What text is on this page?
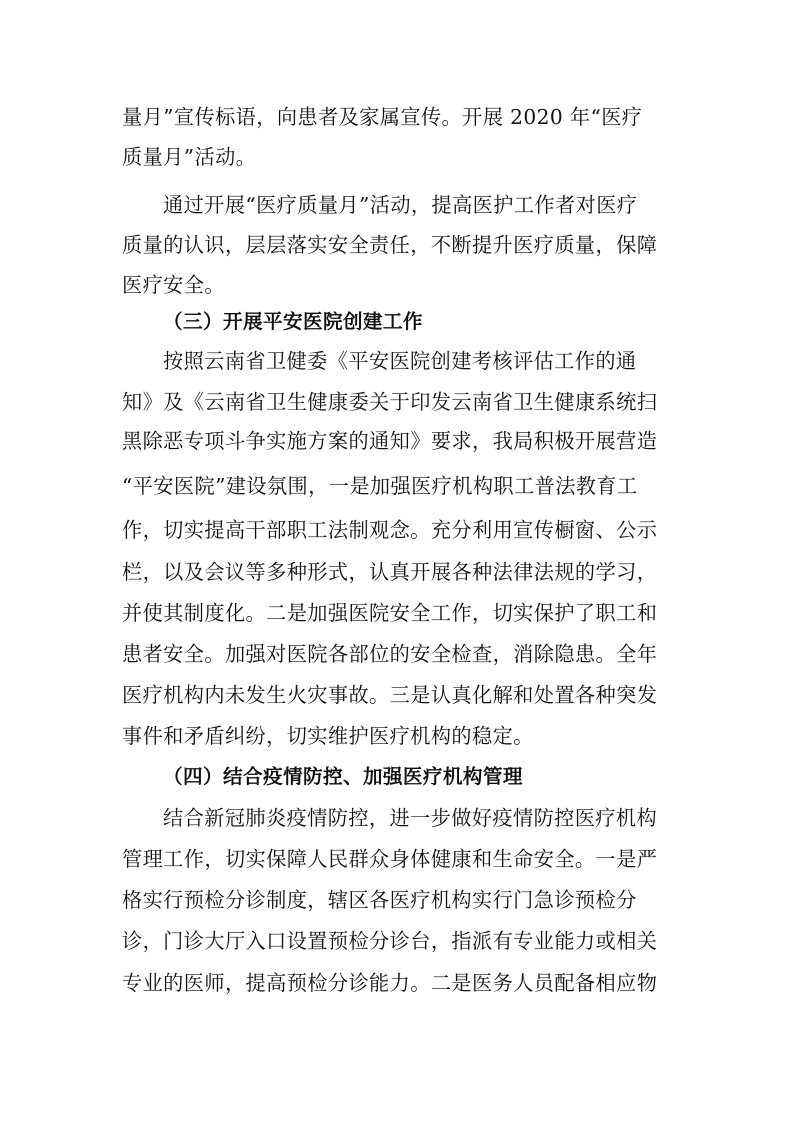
量月”宣传标语，向患者及家属宣传。开展 2020 年“医疗
质量月”活动。
通过开展“医疗质量月”活动，提高医护工作者对医疗
质量的认识，层层落实安全责任，不断提升医疗质量，保障
医疗安全。
（三）开展平安医院创建工作
按照云南省卫健委《平安医院创建考核评估工作的通
知》及《云南省卫生健康委关于印发云南省卫生健康系统扫
黑除恶专项斗争实施方案的通知》要求，我局积极开展营造
“平安医院”建设氛围，一是加强医疗机构职工普法教育工
作，切实提高干部职工法制观念。充分利用宣传橱窗、公示
栏，以及会议等多种形式，认真开展各种法律法规的学习，
并使其制度化。二是加强医院安全工作，切实保护了职工和
患者安全。加强对医院各部位的安全检查，消除隐患。全年
医疗机构内未发生火灾事故。三是认真化解和处置各种突发
事件和矛盾纠纷，切实维护医疗机构的稳定。
（四）结合疫情防控、加强医疗机构管理
结合新冠肺炎疫情防控，进一步做好疫情防控医疗机构
管理工作，切实保障人民群众身体健康和生命安全。一是严
格实行预检分诊制度，辖区各医疗机构实行门急诊预检分
诊，门诊大厅入口设置预检分诊台，指派有专业能力或相关
专业的医师，提高预检分诊能力。二是医务人员配备相应物
